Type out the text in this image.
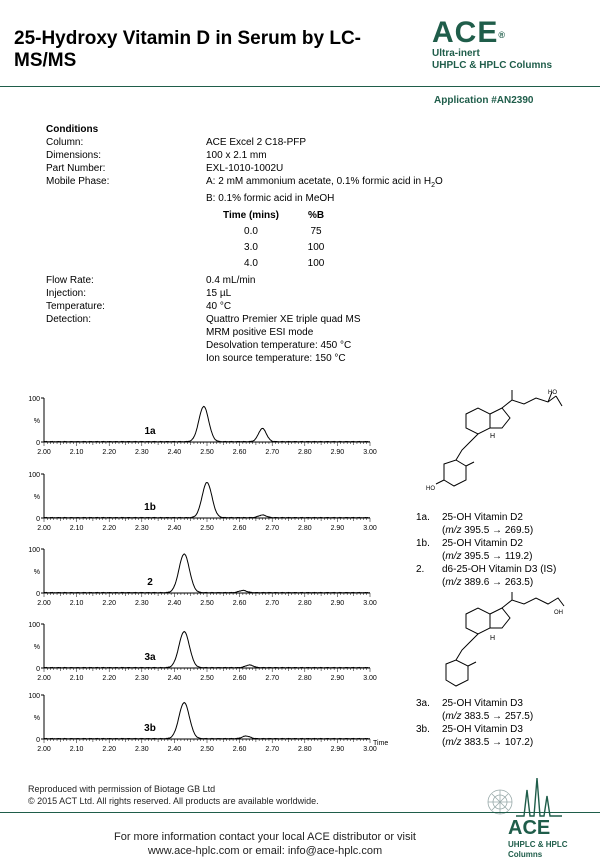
25-Hydroxy Vitamin D in Serum by LC-MS/MS
ACE®
Ultra-inert
UHPLC & HPLC Columns
Application #AN2390
Conditions
Column:	ACE Excel 2 C18-PFP
Dimensions:	100 x 2.1 mm
Part Number:	EXL-1010-1002U
Mobile Phase:	A: 2 mM ammonium acetate, 0.1% formic acid in $H_2O$
B: 0.1% formic acid in MeOH
Time (mins)	%B
0.0	75
3.0	100
4.0	100
Flow Rate:	0.4 mL/min
Injection:	15 µL
Temperature:	40 °C
Detection:	Quattro Premier XE triple quad MS
MRM positive ESI mode
Desolvation temperature: 450 °C
Ion source temperature: 150 °C
100
%
0
2.00	2.10	2.20	2.30	2.40	2.50	2.60	2.70	2.80	2.90	3.00
1a
100
%
0
2.00	2.10	2.20	2.30	2.40	2.50	2.60	2.70	2.80	2.90	3.00
1b
100
%
0
2.00	2.10	2.20	2.30	2.40	2.50	2.60	2.70	2.80	2.90	3.00
2
100
%
0
2.00	2.10	2.20	2.30	2.40	2.50	2.60	2.70	2.80	2.90	3.00
3a
100
%
0
2.00	2.10	2.20	2.30	2.40	2.50	2.60	2.70	2.80	2.90	3.00
Time
3b
H
HO
HO
H
OH
1a.	25-OH Vitamin D2
(m/z 395.5 → 269.5)
1b.	25-OH Vitamin D2
(m/z 395.5 → 119.2)
2.	d6-25-OH Vitamin D3 (IS)
(m/z 389.6 → 263.5)
3a.	25-OH Vitamin D3
(m/z 383.5 → 257.5)
3b.	25-OH Vitamin D3
(m/z 383.5 → 107.2)
Reproduced with permission of Biotage GB Ltd
© 2015 ACT Ltd. All rights reserved. All products are available worldwide.
ACE
UHPLC & HPLC
Columns
For more information contact your local ACE distributor or visit
www.ace-hplc.com or email: info@ace-hplc.com
